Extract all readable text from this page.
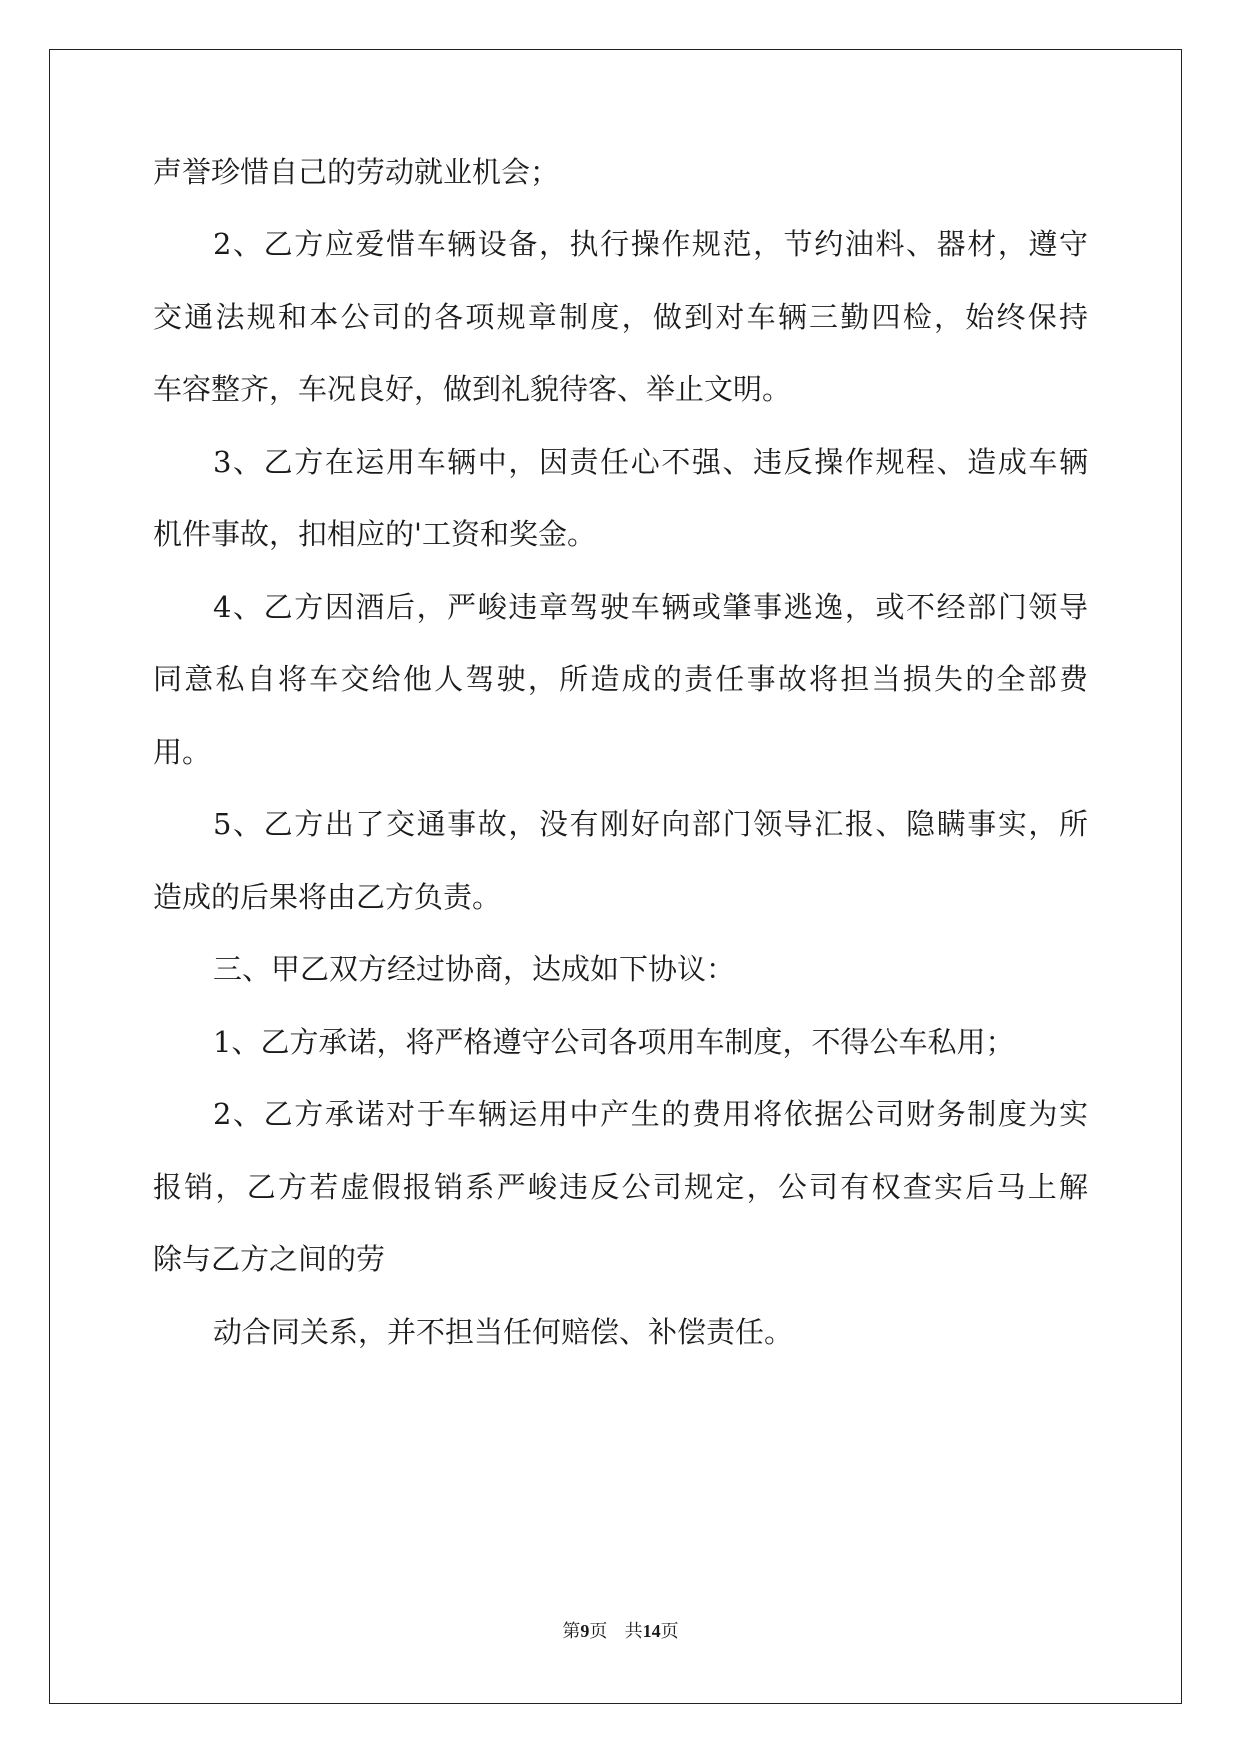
声誉珍惜自己的劳动就业机会；
2、乙方应爱惜车辆设备，执行操作规范，节约油料、器材，遵守
交通法规和本公司的各项规章制度，做到对车辆三勤四检，始终保持
车容整齐，车况良好，做到礼貌待客、举止文明。
3、乙方在运用车辆中，因责任心不强、违反操作规程、造成车辆
机件事故，扣相应的'工资和奖金。
4、乙方因酒后，严峻违章驾驶车辆或肇事逃逸，或不经部门领导
同意私自将车交给他人驾驶，所造成的责任事故将担当损失的全部费
用。
5、乙方出了交通事故，没有刚好向部门领导汇报、隐瞒事实，所
造成的后果将由乙方负责。
三、甲乙双方经过协商，达成如下协议：
1、乙方承诺，将严格遵守公司各项用车制度，不得公车私用；
2、乙方承诺对于车辆运用中产生的费用将依据公司财务制度为实
报销，乙方若虚假报销系严峻违反公司规定，公司有权查实后马上解
除与乙方之间的劳
动合同关系，并不担当任何赔偿、补偿责任。
第9页 共14页
